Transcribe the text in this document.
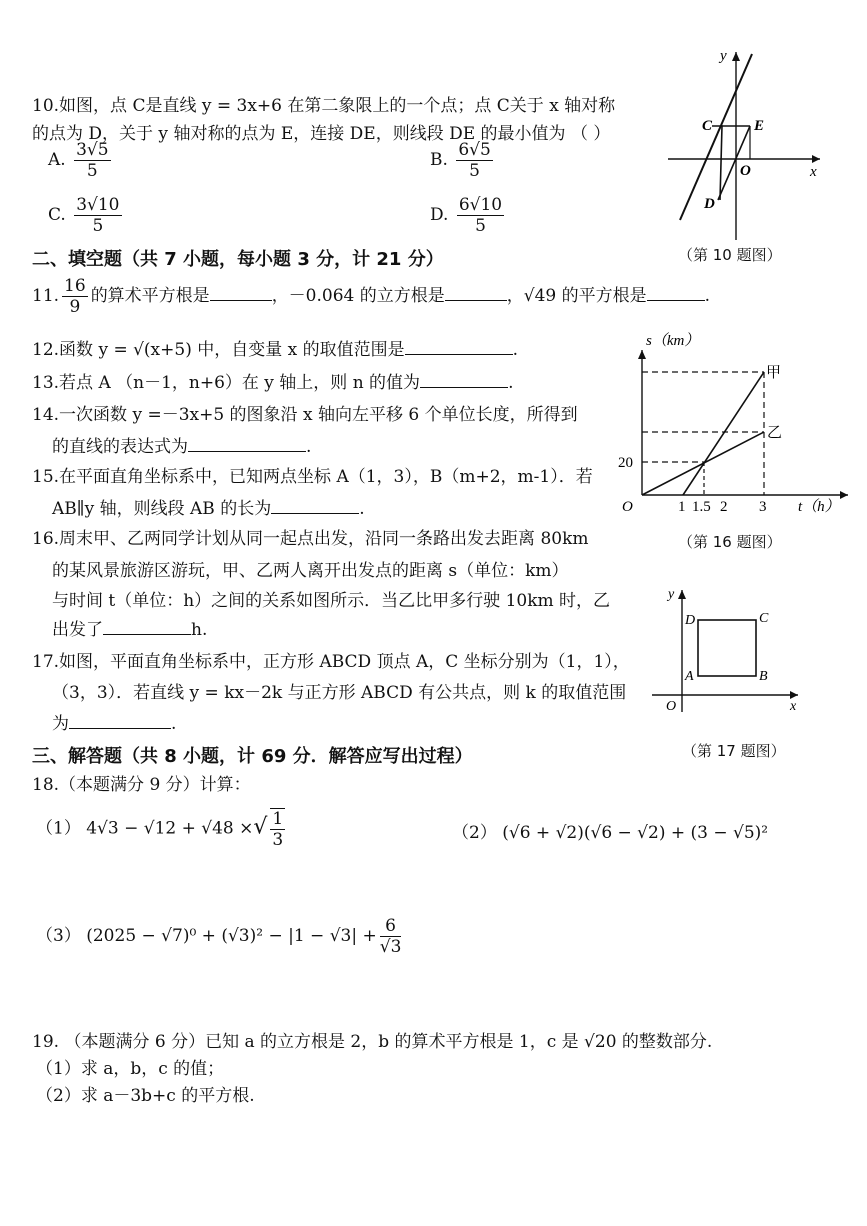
10.如图，点 C是直线 y = 3x+6 在第二象限上的一个点；点 C关于 x 轴对称
的点为 D，关于 y 轴对称的点为 E，连接 DE，则线段 DE 的最小值为 （ ）
A. $\frac{3√5}{5}$	B. $\frac{6√5}{5}$
C. $\frac{3√10}{5}$	D. $\frac{6√10}{5}$
y
x
C	E
O
D
（第 10 题图）
二、填空题（共 7 小题，每小题 3 分，计 21 分）
11. $\frac{16}{9}$ 的算术平方根是	，－0.064 的立方根是	，√49 的平方根是	.
12.函数 y = √(x+5) 中，自变量 x 的取值范围是	.
13.若点 A （n－1，n+6）在 y 轴上，则 n 的值为	.
14.一次函数 y =－3x+5 的图象沿 x 轴向左平移 6 个单位长度，所得到
的直线的表达式为	.
15.在平面直角坐标系中，已知两点坐标 A（1，3），B（m+2，m-1）．若
AB∥y 轴，则线段 AB 的长为	.
s（km）
t（h）
甲
乙
20
O	1 1.5 2 3
（第 16 题图）
16.周末甲、乙两同学计划从同一起点出发，沿同一条路出发去距离 80km
的某风景旅游区游玩，甲、乙两人离开出发点的距离 s（单位：km）
与时间 t（单位：h）之间的关系如图所示．当乙比甲多行驶 10km 时，乙
出发了	h.
17.如图，平面直角坐标系中，正方形 ABCD 顶点 A，C 坐标分别为（1，1），
（3，3）．若直线 y = kx－2k 与正方形 ABCD 有公共点，则 k 的取值范围
为	.
y
x
A	B
C
D
O
（第 17 题图）
三、解答题（共 8 小题，计 69 分．解答应写出过程）
18.（本题满分 9 分）计算：
（1） 4√3 − √12 + √48 ×√ $\frac{1}{3}$	（2） (√6 + √2)(√6 − √2) + (3 − √5)²
（3） $(2025 - √7)^0 + (√3)^2 - |1 - √3| + \frac{6}{√3}$
19. （本题满分 6 分）已知 a 的立方根是 2，b 的算术平方根是 1，c 是 √20 的整数部分.
（1）求 a，b，c 的值；
（2）求 a－3b+c 的平方根.
